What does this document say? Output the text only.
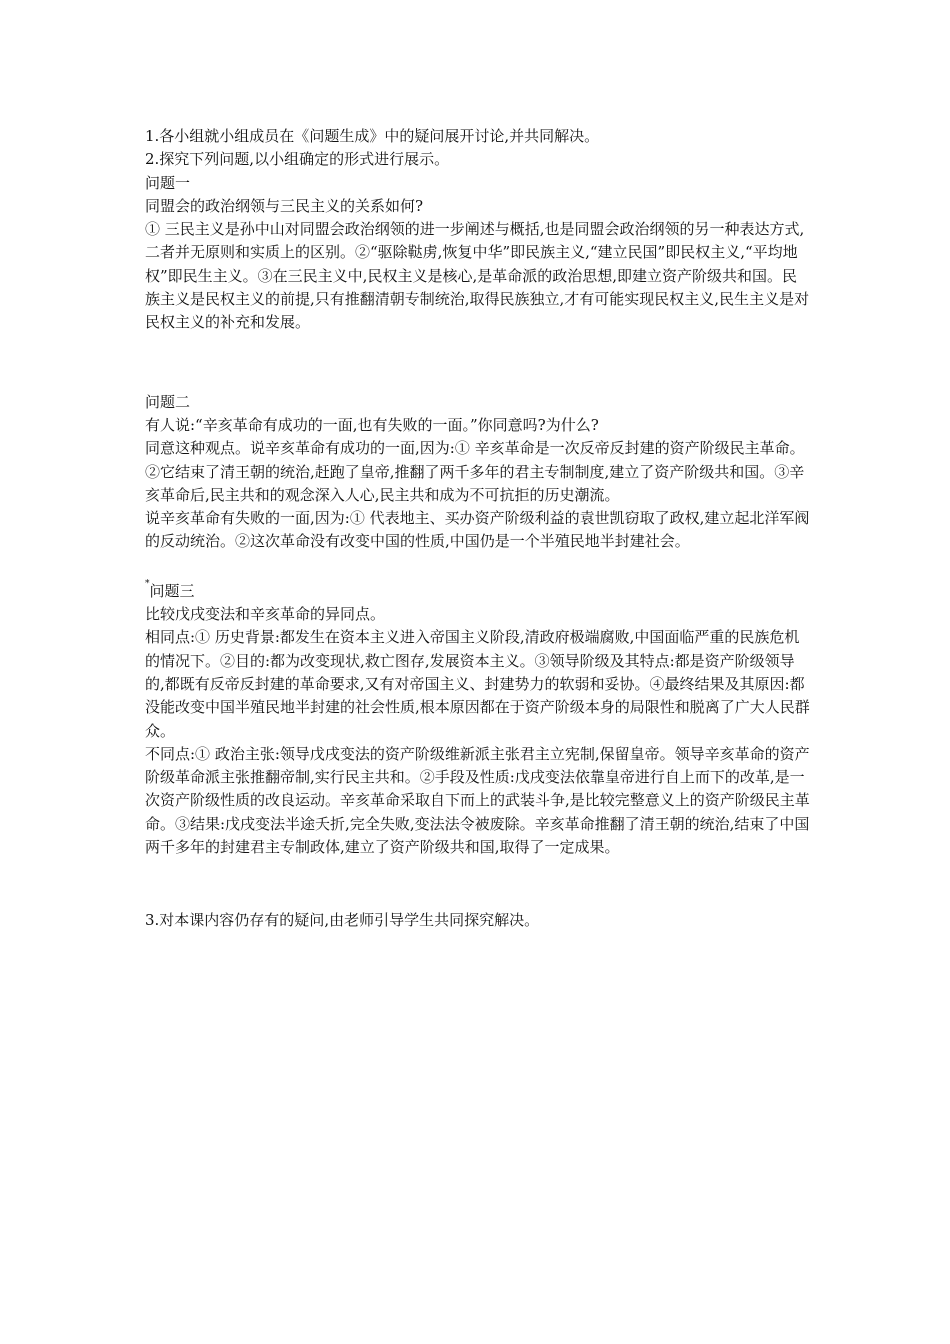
1.各小组就小组成员在《问题生成》中的疑问展开讨论,并共同解决。

2.探究下列问题,以小组确定的形式进行展示。

问题一

同盟会的政治纲领与三民主义的关系如何?

① 三民主义是孙中山对同盟会政治纲领的进一步阐述与概括,也是同盟会政治纲领的另一种表达方式,二者并无原则和实质上的区别。②“驱除鞑虏,恢复中华”即民族主义,“建立民国”即民权主义,“平均地权”即民生主义。③在三民主义中,民权主义是核心,是革命派的政治思想,即建立资产阶级共和国。民族主义是民权主义的前提,只有推翻清朝专制统治,取得民族独立,才有可能实现民权主义,民生主义是对民权主义的补充和发展。

问题二

有人说:“辛亥革命有成功的一面,也有失败的一面。”你同意吗?为什么?

同意这种观点。说辛亥革命有成功的一面,因为:① 辛亥革命是一次反帝反封建的资产阶级民主革命。②它结束了清王朝的统治,赶跑了皇帝,推翻了两千多年的君主专制制度,建立了资产阶级共和国。③辛亥革命后,民主共和的观念深入人心,民主共和成为不可抗拒的历史潮流。

说辛亥革命有失败的一面,因为:① 代表地主、买办资产阶级利益的袁世凯窃取了政权,建立起北洋军阀的反动统治。②这次革命没有改变中国的性质,中国仍是一个半殖民地半封建社会。

*问题三

比较戊戌变法和辛亥革命的异同点。

相同点:① 历史背景:都发生在资本主义进入帝国主义阶段,清政府极端腐败,中国面临严重的民族危机的情况下。②目的:都为改变现状,救亡图存,发展资本主义。③领导阶级及其特点:都是资产阶级领导的,都既有反帝反封建的革命要求,又有对帝国主义、封建势力的软弱和妥协。④最终结果及其原因:都没能改变中国半殖民地半封建的社会性质,根本原因都在于资产阶级本身的局限性和脱离了广大人民群众。

不同点:① 政治主张:领导戊戌变法的资产阶级维新派主张君主立宪制,保留皇帝。领导辛亥革命的资产阶级革命派主张推翻帝制,实行民主共和。②手段及性质:戊戌变法依靠皇帝进行自上而下的改革,是一次资产阶级性质的改良运动。辛亥革命采取自下而上的武装斗争,是比较完整意义上的资产阶级民主革命。③结果:戊戌变法半途夭折,完全失败,变法法令被废除。辛亥革命推翻了清王朝的统治,结束了中国两千多年的封建君主专制政体,建立了资产阶级共和国,取得了一定成果。

3.对本课内容仍存有的疑问,由老师引导学生共同探究解决。
